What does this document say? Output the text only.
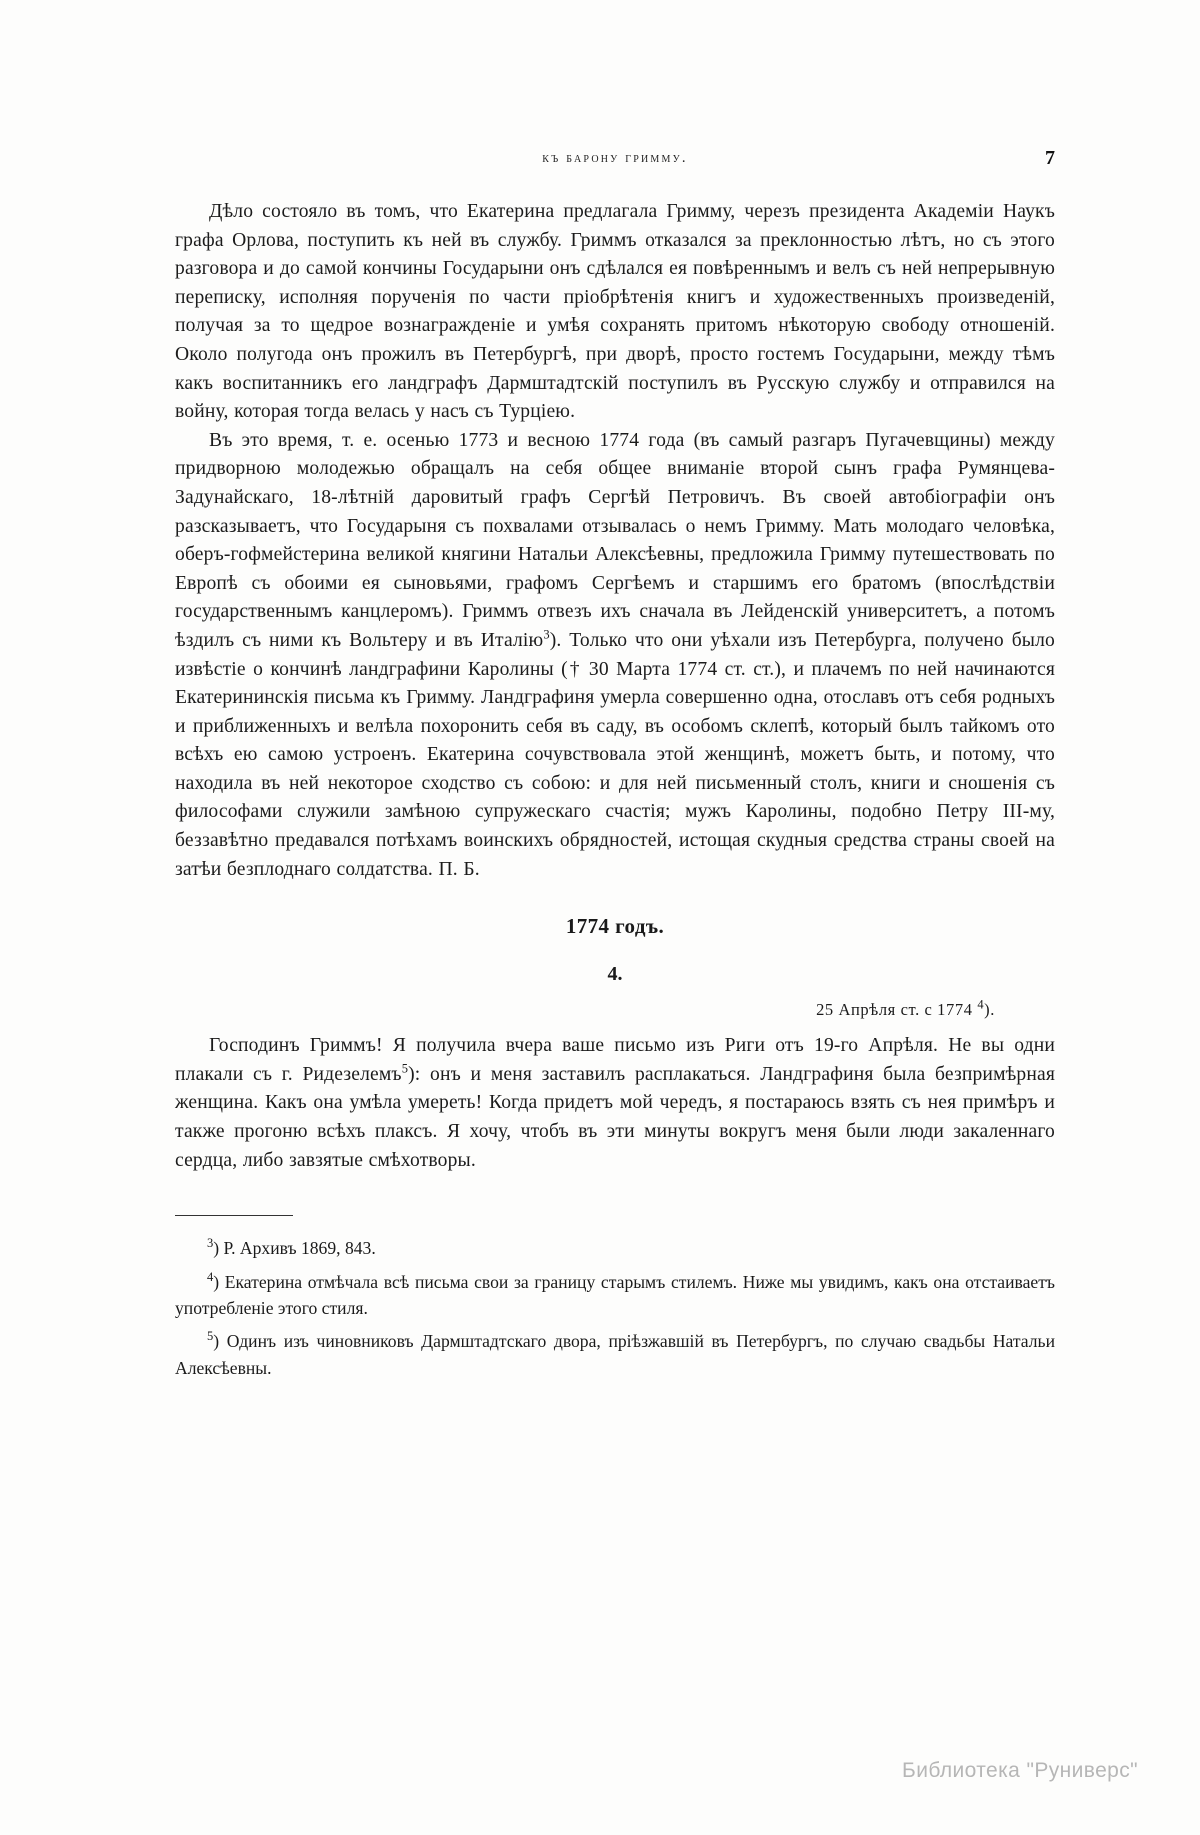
къ барону гримму.	7

Дѣло состояло въ томъ, что Екатерина предлагала Гримму, черезъ президента Академіи Наукъ графа Орлова, поступить къ ней въ службу. Гриммъ отказался за преклонностью лѣтъ, но съ этого разговора и до самой кончины Государыни онъ сдѣлался ея повѣреннымъ и велъ съ ней непрерывную переписку, исполняя порученія по части пріобрѣтенія книгъ и художественныхъ произведеній, получая за то щедрое вознагражденіе и умѣя сохранять притомъ нѣкоторую свободу отношеній. Около полугода онъ прожилъ въ Петербургѣ, при дворѣ, просто гостемъ Государыни, между тѣмъ какъ воспитанникъ его ландграфъ Дармштадтскій поступилъ въ Русскую службу и отправился на войну, которая тогда велась у насъ съ Турціею.

Въ это время, т. е. осенью 1773 и весною 1774 года (въ самый разгаръ Пугачевщины) между придворною молодежью обращалъ на себя общее вниманіе второй сынъ графа Румянцева-Задунайскаго, 18-лѣтній даровитый графъ Сергѣй Петровичъ. Въ своей автобіографіи онъ разсказываетъ, что Государыня съ похвалами отзывалась о немъ Гримму. Мать молодаго человѣка, оберъ-гофмейстерина великой княгини Натальи Алексѣевны, предложила Гримму путешествовать по Европѣ съ обоими ея сыновьями, графомъ Сергѣемъ и старшимъ его братомъ (впослѣдствіи государственнымъ канцлеромъ). Гриммъ отвезъ ихъ сначала въ Лейденскій университетъ, а потомъ ѣздилъ съ ними къ Вольтеру и въ Италію$^3$). Только что они уѣхали изъ Петербурга, получено было извѣстіе о кончинѣ ландграфини Каролины († 30 Марта 1774 ст. ст.), и плачемъ по ней начинаются Екатерининскія письма къ Гримму. Ландграфиня умерла совершенно одна, отославъ отъ себя родныхъ и приближенныхъ и велѣла похоронить себя въ саду, въ особомъ склепѣ, который былъ тайкомъ ото всѣхъ ею самою устроенъ. Екатерина сочувствовала этой женщинѣ, можетъ быть, и потому, что находила въ ней некоторое сходство съ собою: и для ней письменный столъ, книги и сношенія съ философами служили замѣною супружескаго счастія; мужъ Каролины, подобно Петру III-му, беззавѣтно предавался потѣхамъ воинскихъ обрядностей, истощая скудныя средства страны своей на затѣи безплоднаго солдатства. П. Б.

1774 годъ.
4.
25 Апрѣля ст. с 1774 $^4$).

Господинъ Гриммъ! Я получила вчера ваше письмо изъ Риги отъ 19-го Апрѣля. Не вы одни плакали съ г. Ридезелемъ$^5$): онъ и меня заставилъ расплакаться. Ландграфиня была безпримѣрная женщина. Какъ она умѣла умереть! Когда придетъ мой чередъ, я постараюсь взять съ нея примѣръ и также прогоню всѣхъ плаксъ. Я хочу, чтобъ въ эти минуты вокругъ меня были люди закаленнаго сердца, либо завзятые смѣхотворы.

$^3$) Р. Архивъ 1869, 843.

$^4$) Екатерина отмѣчала всѣ письма свои за границу старымъ стилемъ. Ниже мы увидимъ, какъ она отстаиваетъ употребленіе этого стиля.

$^5$) Одинъ изъ чиновниковъ Дармштадтскаго двора, пріѣзжавшій въ Петербургъ, по случаю свадьбы Натальи Алексѣевны.

Библиотека "Руниверс"
